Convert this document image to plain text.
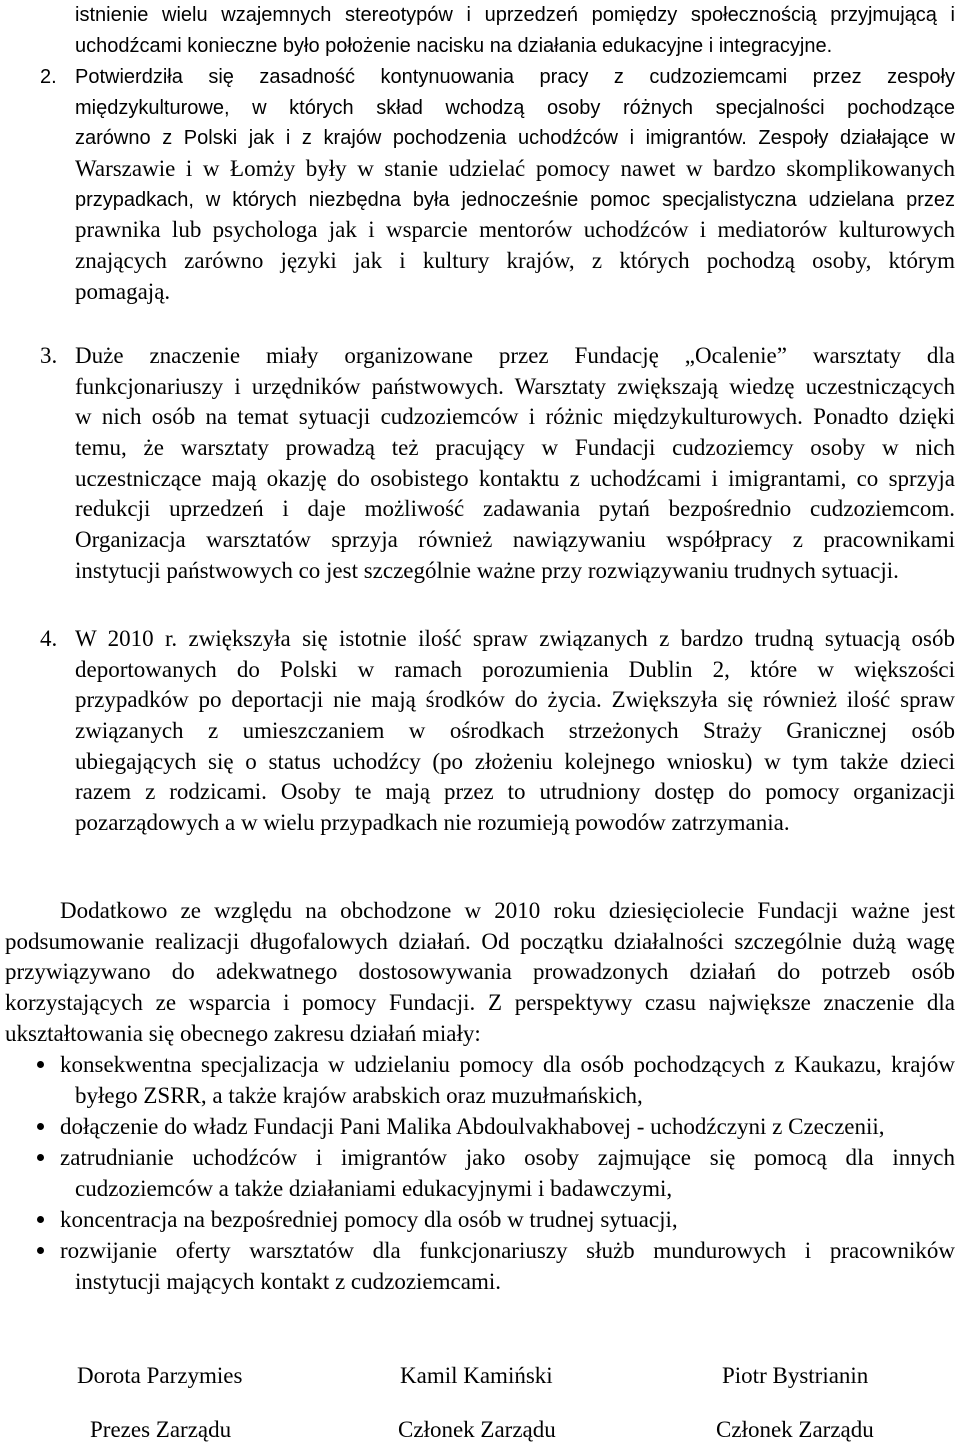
istnienie wielu wzajemnych stereotypów i uprzedzeń pomiędzy społecznością przyjmującą i
uchodźcami konieczne było położenie nacisku na działania edukacyjne i integracyjne.
2. Potwierdziła się zasadność kontynuowania pracy z cudzoziemcami przez zespoły
międzykulturowe, w których skład wchodzą osoby różnych specjalności pochodzące
zarówno z Polski jak i z krajów pochodzenia uchodźców i imigrantów. Zespoły działające w
Warszawie i w Łomży były w stanie udzielać pomocy nawet w bardzo skomplikowanych
przypadkach, w których niezbędna była jednocześnie pomoc specjalistyczna udzielana przez
prawnika lub psychologa jak i wsparcie mentorów uchodźców i mediatorów kulturowych
znających zarówno języki jak i kultury krajów, z których pochodzą osoby, którym
pomagają.
3. Duże znaczenie miały organizowane przez Fundację „Ocalenie” warsztaty dla
funkcjonariuszy i urzędników państwowych. Warsztaty zwiększają wiedzę uczestniczących
w nich osób na temat sytuacji cudzoziemców i różnic międzykulturowych. Ponadto dzięki
temu, że warsztaty prowadzą też pracujący w Fundacji cudzoziemcy osoby w nich
uczestniczące mają okazję do osobistego kontaktu z uchodźcami i imigrantami, co sprzyja
redukcji uprzedzeń i daje możliwość zadawania pytań bezpośrednio cudzoziemcom.
Organizacja warsztatów sprzyja również nawiązywaniu współpracy z pracownikami
instytucji państwowych co jest szczególnie ważne przy rozwiązywaniu trudnych sytuacji.
4. W 2010 r. zwiększyła się istotnie ilość spraw związanych z bardzo trudną sytuacją osób
deportowanych do Polski w ramach porozumienia Dublin 2, które w większości
przypadków po deportacji nie mają środków do życia. Zwiększyła się również ilość spraw
związanych z umieszczaniem w ośrodkach strzeżonych Straży Granicznej osób
ubiegających się o status uchodźcy (po złożeniu kolejnego wniosku) w tym także dzieci
razem z rodzicami. Osoby te mają przez to utrudniony dostęp do pomocy organizacji
pozarządowych a w wielu przypadkach nie rozumieją powodów zatrzymania.
Dodatkowo ze względu na obchodzone w 2010 roku dziesięciolecie Fundacji ważne jest
podsumowanie realizacji długofalowych działań. Od początku działalności szczególnie dużą wagę
przywiązywano do adekwatnego dostosowywania prowadzonych działań do potrzeb osób
korzystających ze wsparcia i pomocy Fundacji. Z perspektywy czasu największe znaczenie dla
ukształtowania się obecnego zakresu działań miały:
konsekwentna specjalizacja w udzielaniu pomocy dla osób pochodzących z Kaukazu, krajów
byłego ZSRR, a także krajów arabskich oraz muzułmańskich,
dołączenie do władz Fundacji Pani Malika Abdoulvakhabovej - uchodźczyni z Czeczenii,
zatrudnianie uchodźców i imigrantów jako osoby zajmujące się pomocą dla innych
cudzoziemców a także działaniami edukacyjnymi i badawczymi,
koncentracja na bezpośredniej pomocy dla osób w trudnej sytuacji,
rozwijanie oferty warsztatów dla funkcjonariuszy służb mundurowych i pracowników
instytucji mających kontakt z cudzoziemcami.
Dorota Parzymies	Kamil Kamiński	Piotr Bystrianin
Prezes Zarządu	Członek Zarządu	Członek Zarządu
